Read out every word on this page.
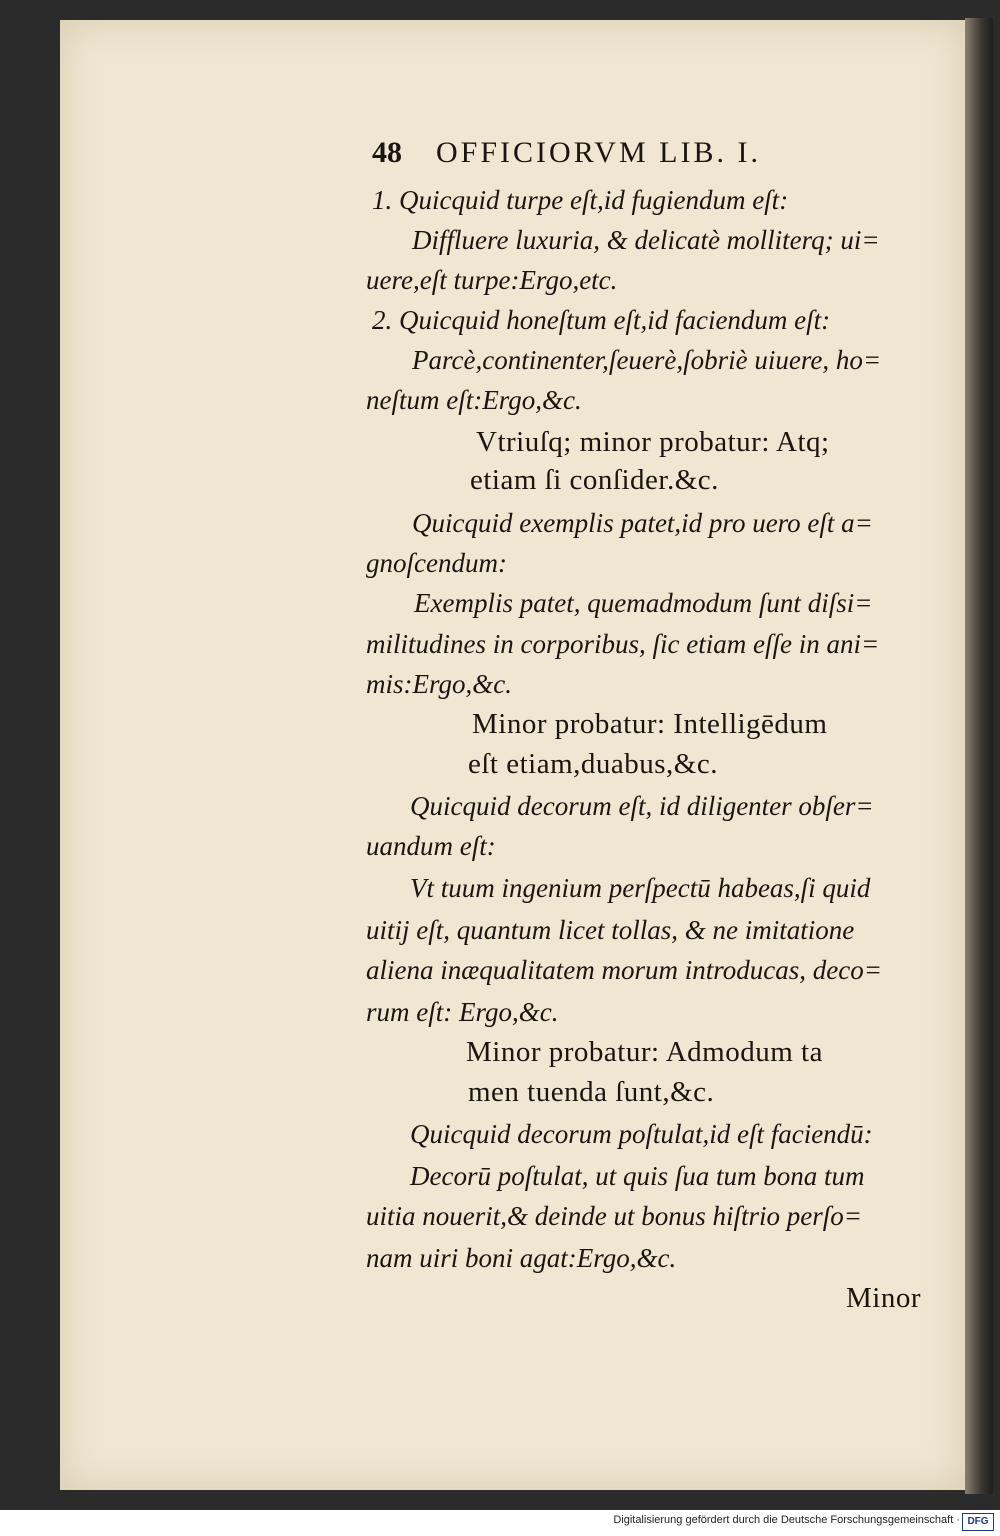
48 OFFICIORVM LIB. I.
1. Quicquid turpe eſt,id fugiendum eſt:
Diffluere luxuria, & delicatè molliterq; ui=
uere,eſt turpe:Ergo,etc.
2. Quicquid honeſtum eſt,id faciendum eſt:
Parcè,continenter,ſeuerè,ſobriè uiuere, ho=
neſtum eſt:Ergo,&c.
Vtriuſq; minor probatur: Atq;
etiam ſi conſider.&c.
Quicquid exemplis patet,id pro uero eſt a=
gnoſcendum:
Exemplis patet, quemadmodum ſunt diſsi=
militudines in corporibus, ſic etiam eſſe in ani=
mis:Ergo,&c.
Minor probatur: Intelligēdum
eſt etiam,duabus,&c.
Quicquid decorum eſt, id diligenter obſer=
uandum eſt:
Vt tuum ingenium perſpectū habeas,ſi quid
uitij eſt, quantum licet tollas, & ne imitatione
aliena inæqualitatem morum introducas, deco=
rum eſt: Ergo,&c.
Minor probatur: Admodum ta
men tuenda ſunt,&c.
Quicquid decorum poſtulat,id eſt faciendū:
Decorū poſtulat, ut quis ſua tum bona tum
uitia nouerit,& deinde ut bonus hiſtrio perſo=
nam uiri boni agat:Ergo,&c.
Minor
Digitalisierung gefördert durch die Deutsche Forschungsgemeinschaft · DFG
